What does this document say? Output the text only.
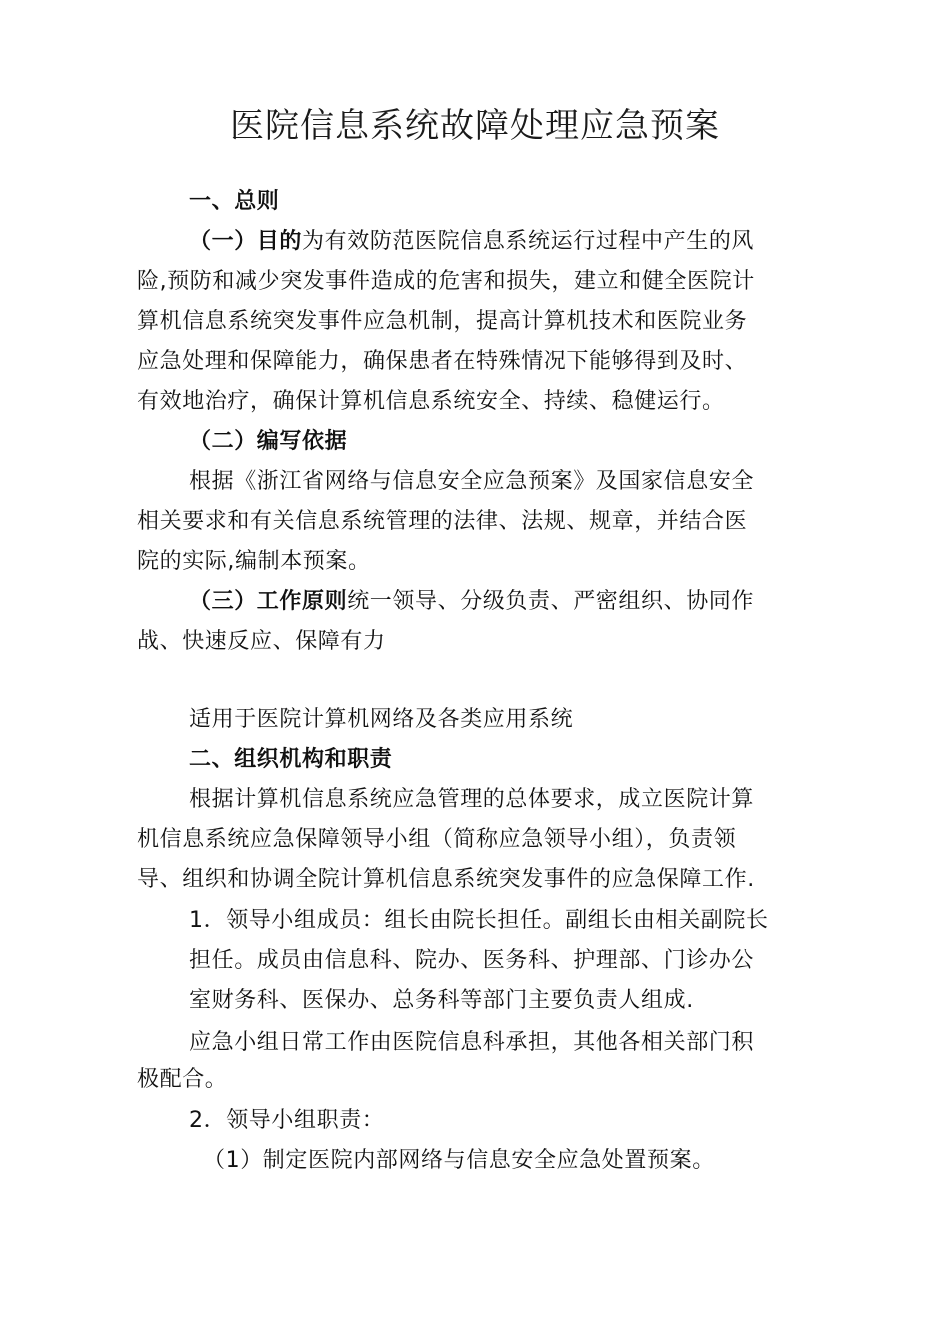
医院信息系统故障处理应急预案
一、总则
（一）目的为有效防范医院信息系统运行过程中产生的风
险,预防和减少突发事件造成的危害和损失，建立和健全医院计
算机信息系统突发事件应急机制，提高计算机技术和医院业务
应急处理和保障能力，确保患者在特殊情况下能够得到及时、
有效地治疗，确保计算机信息系统安全、持续、稳健运行。
（二）编写依据
根据《浙江省网络与信息安全应急预案》及国家信息安全
相关要求和有关信息系统管理的法律、法规、规章，并结合医
院的实际,编制本预案。
（三）工作原则统一领导、分级负责、严密组织、协同作
战、快速反应、保障有力
适用于医院计算机网络及各类应用系统
二、组织机构和职责
根据计算机信息系统应急管理的总体要求，成立医院计算
机信息系统应急保障领导小组（简称应急领导小组），负责领
导、组织和协调全院计算机信息系统突发事件的应急保障工作.
1．领导小组成员：组长由院长担任。副组长由相关副院长
担任。成员由信息科、院办、医务科、护理部、门诊办公
室财务科、医保办、总务科等部门主要负责人组成.
应急小组日常工作由医院信息科承担，其他各相关部门积
极配合。
2．领导小组职责：
（1）制定医院内部网络与信息安全应急处置预案。
